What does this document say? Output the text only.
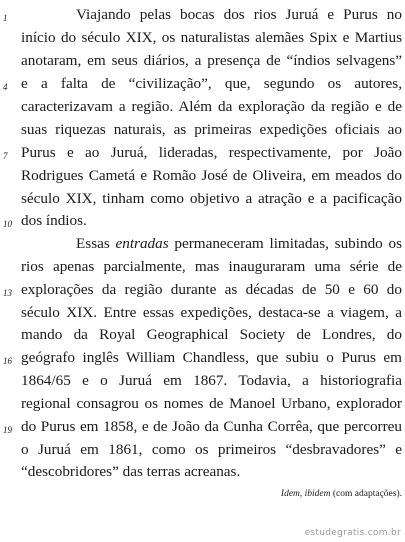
1
4
7
10
13
16
19
Viajando pelas bocas dos rios Juruá e Purus no
início do século XIX, os naturalistas alemães Spix e Martius
anotaram, em seus diários, a presença de “índios selvagens”
e a falta de “civilização”, que, segundo os autores,
caracterizavam a região. Além da exploração da região e de
suas riquezas naturais, as primeiras expedições oficiais ao
Purus e ao Juruá, lideradas, respectivamente, por João
Rodrigues Cametá e Romão José de Oliveira, em meados do
século XIX, tinham como objetivo a atração e a pacificação
dos índios.
Essas entradas permaneceram limitadas, subindo os
rios apenas parcialmente, mas inauguraram uma série de
explorações da região durante as décadas de 50 e 60 do
século XIX. Entre essas expedições, destaca-se a viagem, a
mando da Royal Geographical Society de Londres, do
geógrafo inglês William Chandless, que subiu o Purus em
1864/65 e o Juruá em 1867. Todavia, a historiografia
regional consagrou os nomes de Manoel Urbano, explorador
do Purus em 1858, e de João da Cunha Corrêa, que percorreu
o Juruá em 1861, como os primeiros “desbravadores” e
“descobridores” das terras acreanas.
Idem, ibidem (com adaptações).
estudegratis.com.br
